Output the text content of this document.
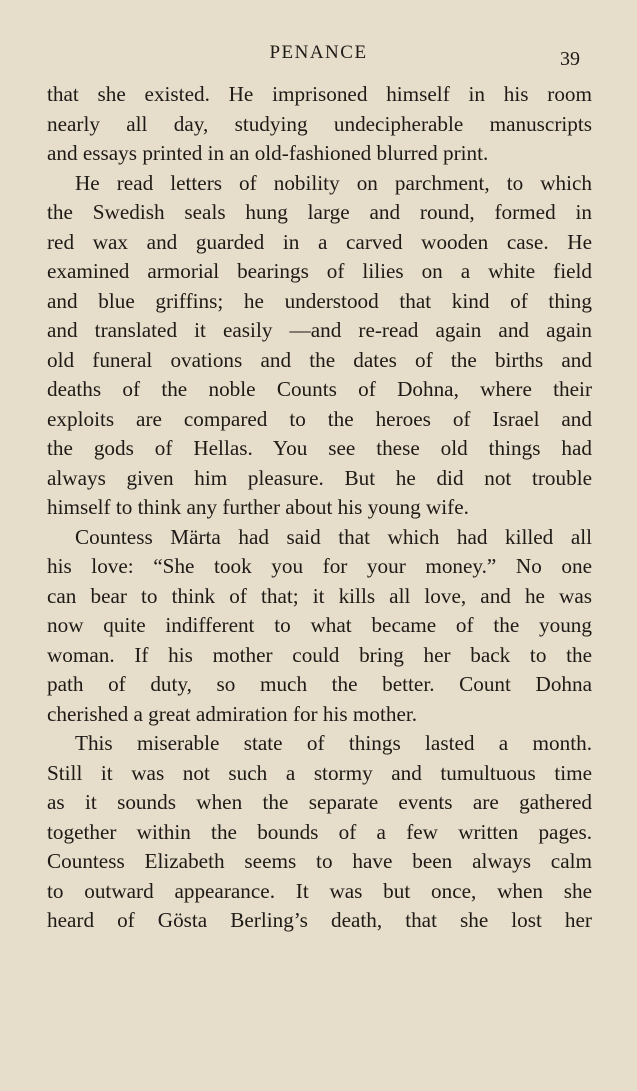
PENANCE	39
that she existed. He imprisoned himself in his room
nearly all day, studying undecipherable manuscripts
and essays printed in an old-fashioned blurred print.
He read letters of nobility on parchment, to which
the Swedish seals hung large and round, formed in
red wax and guarded in a carved wooden case. He
examined armorial bearings of lilies on a white field
and blue griffins; he understood that kind of thing
and translated it easily —and re-read again and again
old funeral ovations and the dates of the births and
deaths of the noble Counts of Dohna, where their
exploits are compared to the heroes of Israel and
the gods of Hellas. You see these old things had
always given him pleasure. But he did not trouble
himself to think any further about his young wife.
Countess Märta had said that which had killed all
his love: “She took you for your money.” No one
can bear to think of that; it kills all love, and he was
now quite indifferent to what became of the young
woman. If his mother could bring her back to the
path of duty, so much the better. Count Dohna
cherished a great admiration for his mother.
This miserable state of things lasted a month.
Still it was not such a stormy and tumultuous time
as it sounds when the separate events are gathered
together within the bounds of a few written pages.
Countess Elizabeth seems to have been always calm
to outward appearance. It was but once, when she
heard of Gösta Berling’s death, that she lost her
